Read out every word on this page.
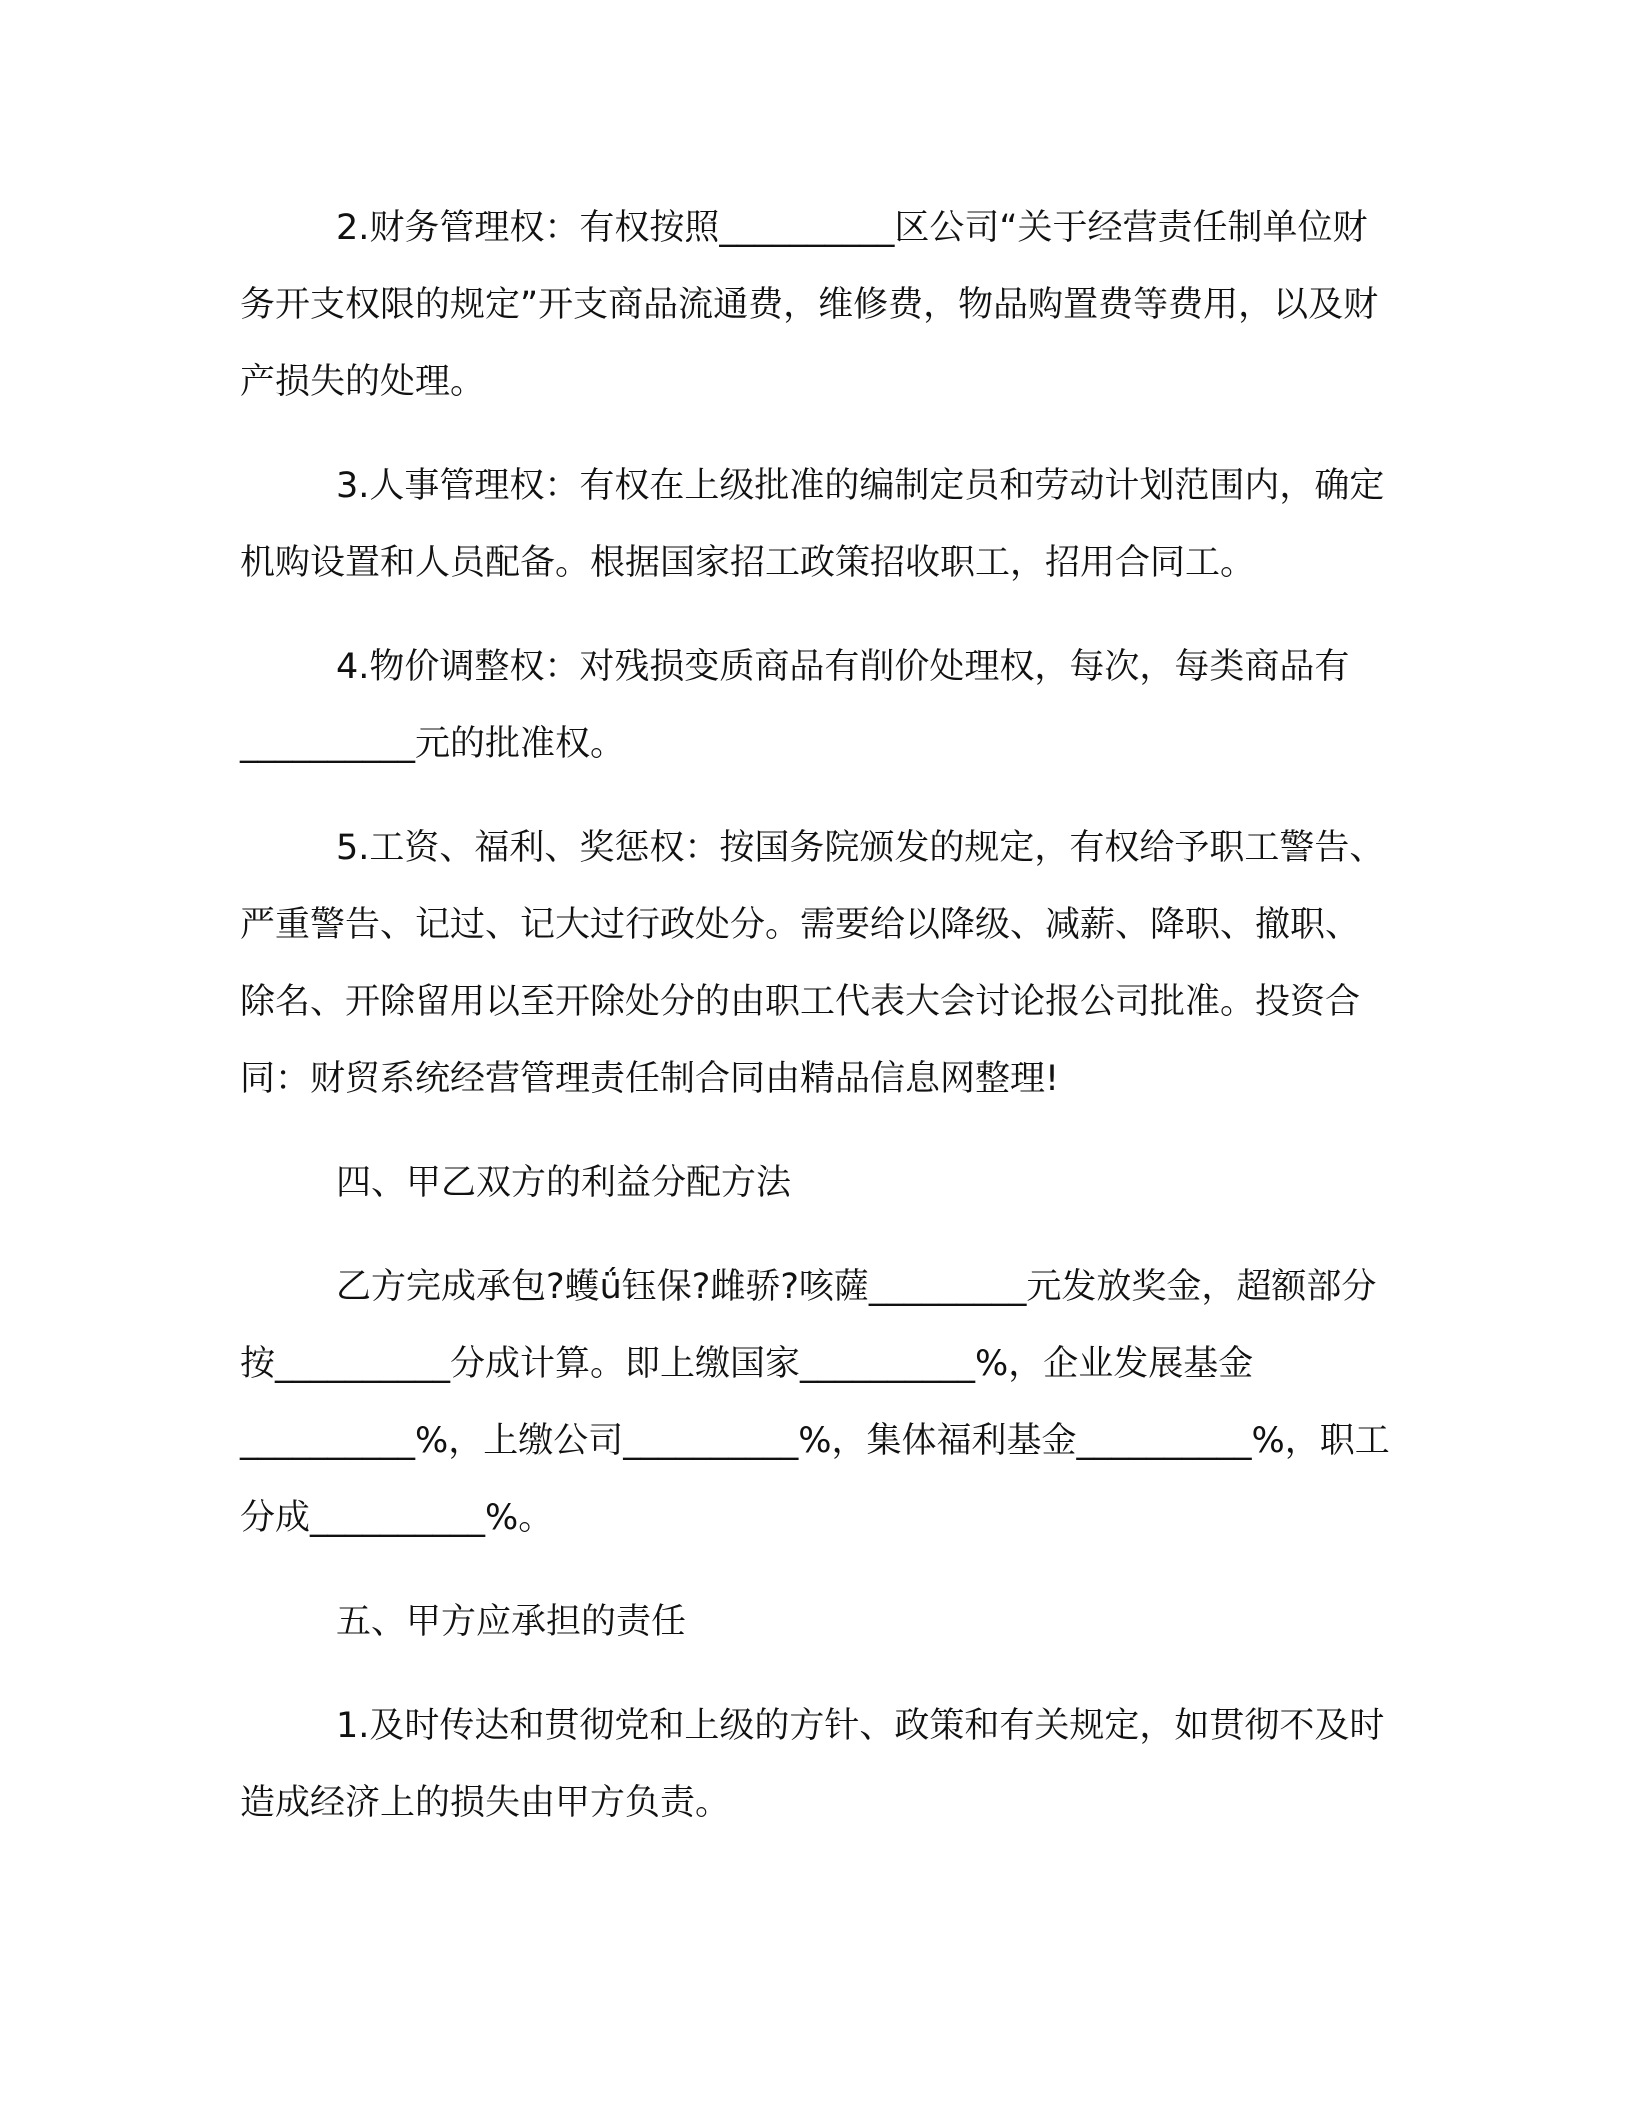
2.财务管理权：有权按照__________区公司“关于经营责任制单位财务开支权限的规定”开支商品流通费，维修费，物品购置费等费用，以及财产损失的处理。

3.人事管理权：有权在上级批准的编制定员和劳动计划范围内，确定机购设置和人员配备。根据国家招工政策招收职工，招用合同工。

4.物价调整权：对残损变质商品有削价处理权，每次，每类商品有__________元的批准权。

5.工资、福利、奖惩权：按国务院颁发的规定，有权给予职工警告、严重警告、记过、记大过行政处分。需要给以降级、减薪、降职、撤职、除名、开除留用以至开除处分的由职工代表大会讨论报公司批准。投资合同：财贸系统经营管理责任制合同由精品信息网整理!

四、甲乙双方的利益分配方法

乙方完成承包?蠖ǘ钰保?雌骄?咳薩_________元发放奖金，超额部分按__________分成计算。即上缴国家__________%，企业发展基金__________%，上缴公司__________%，集体福利基金__________%，职工分成__________%。

五、甲方应承担的责任

1.及时传达和贯彻党和上级的方针、政策和有关规定，如贯彻不及时造成经济上的损失由甲方负责。
